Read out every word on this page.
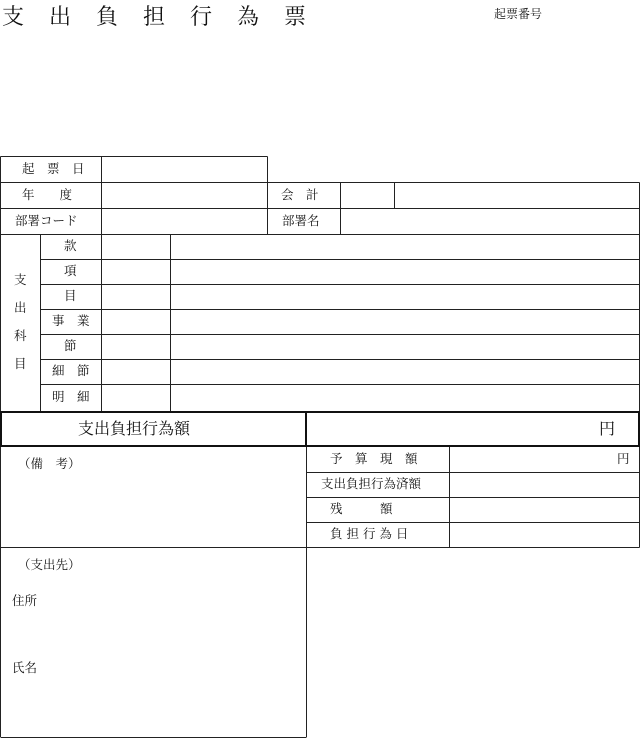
支 出 負 担 行 為 票	起票番号
起　票　日
年　　度	会　計
部署コード	部署名
支
出
科
目
款
項
目
事　業
節
細　節
明　細
支出負担行為額	円
（備　考）	予　算　現　額	円
支出負担行為済額
残　　　額
負 担 行 為 日
（支出先）
住所
氏名
